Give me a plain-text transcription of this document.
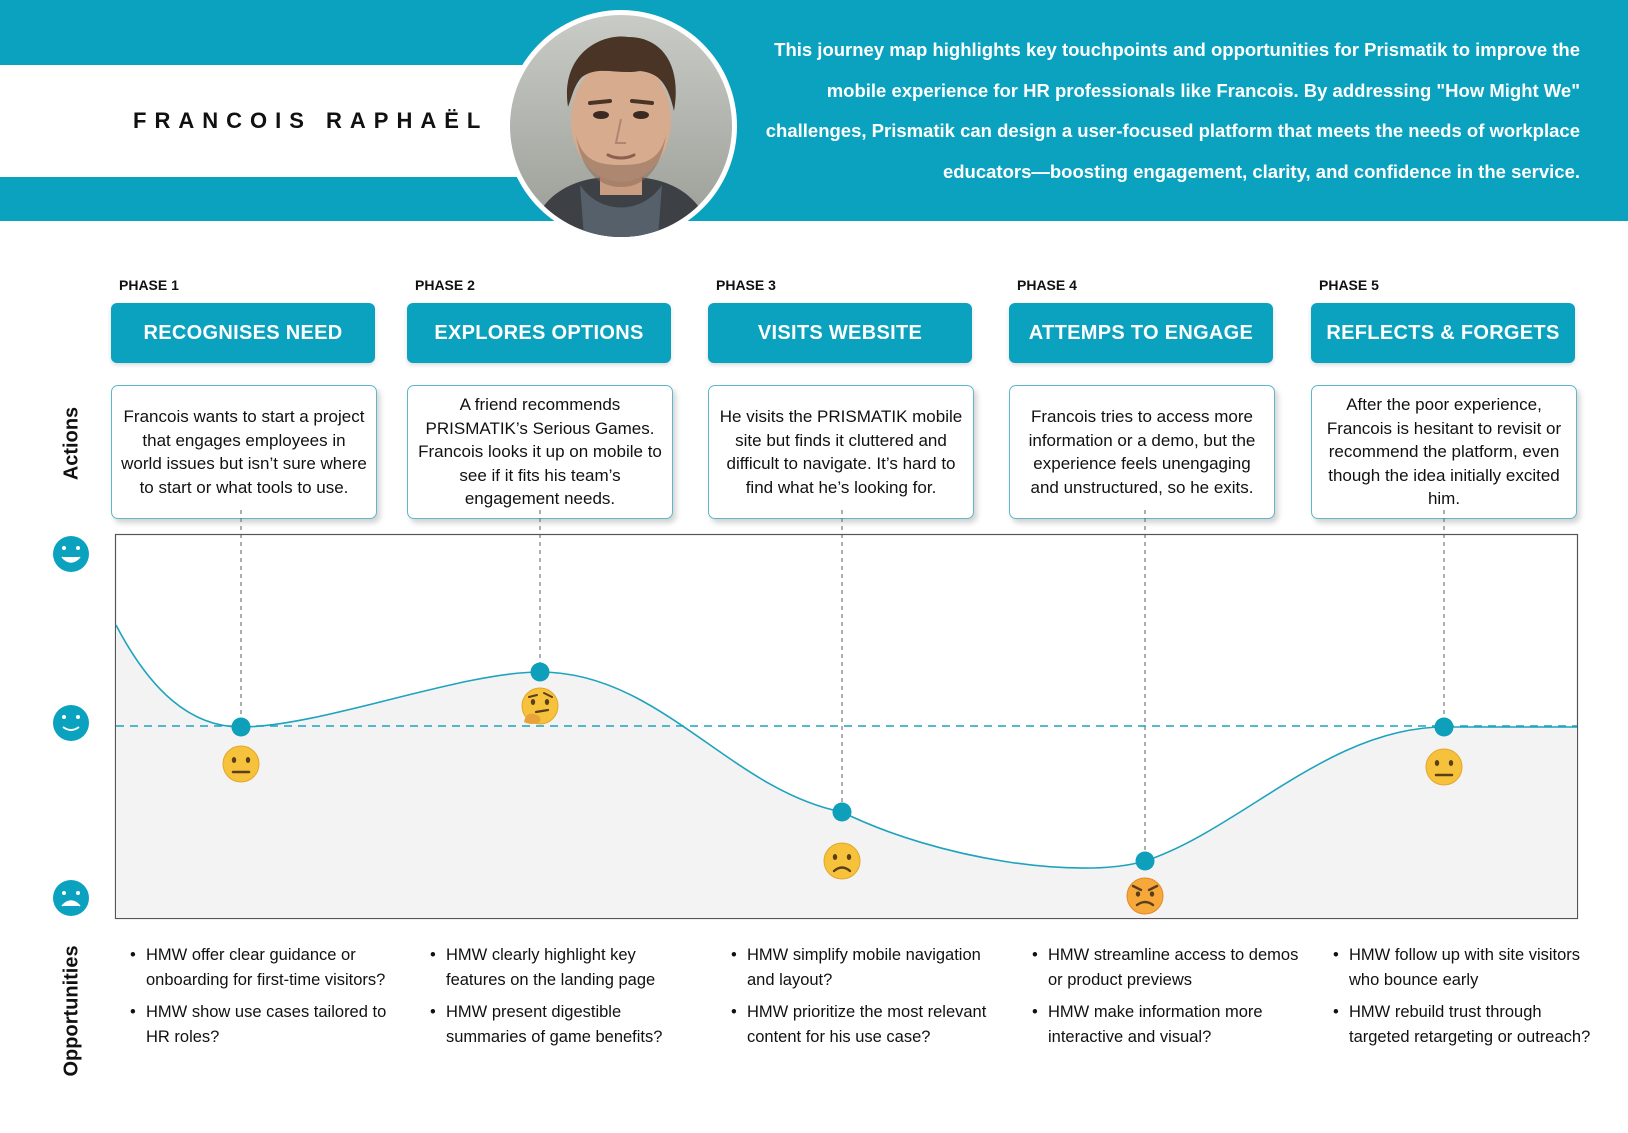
FRANCOIS RAPHAËL
This journey map highlights key touchpoints and opportunities for Prismatik to improve the mobile experience for HR professionals like Francois. By addressing "How Might We" challenges, Prismatik can design a user-focused platform that meets the needs of workplace educators—boosting engagement, clarity, and confidence in the service.
PHASE 1
RECOGNISES NEED
Francois wants to start a project that engages employees in world issues but isn’t sure where to start or what tools to use.
PHASE 2
EXPLORES OPTIONS
A friend recommends PRISMATIK’s Serious Games. Francois looks it up on mobile to see if it fits his team’s engagement needs.
PHASE 3
VISITS WEBSITE
He visits the PRISMATIK mobile site but finds it cluttered and difficult to navigate. It’s hard to find what he’s looking for.
PHASE 4
ATTEMPS TO ENGAGE
Francois tries to access more information or a demo, but the experience feels unengaging and unstructured, so he exits.
PHASE 5
REFLECTS & FORGETS
After the poor experience, Francois is hesitant to revisit or recommend the platform, even though the idea initially excited him.
Actions
Opportunities
•	HMW offer clear guidance or onboarding for first-time visitors?
• HMW show use cases tailored to HR roles?
• HMW clearly highlight key features on the landing page
• HMW present digestible summaries of game benefits?
• HMW simplify mobile navigation and layout?
• HMW prioritize the most relevant content for his use case?
• HMW streamline access to demos or product previews
• HMW make information more interactive and visual?
• HMW follow up with site visitors who bounce early
• HMW rebuild trust through targeted retargeting or outreach?
